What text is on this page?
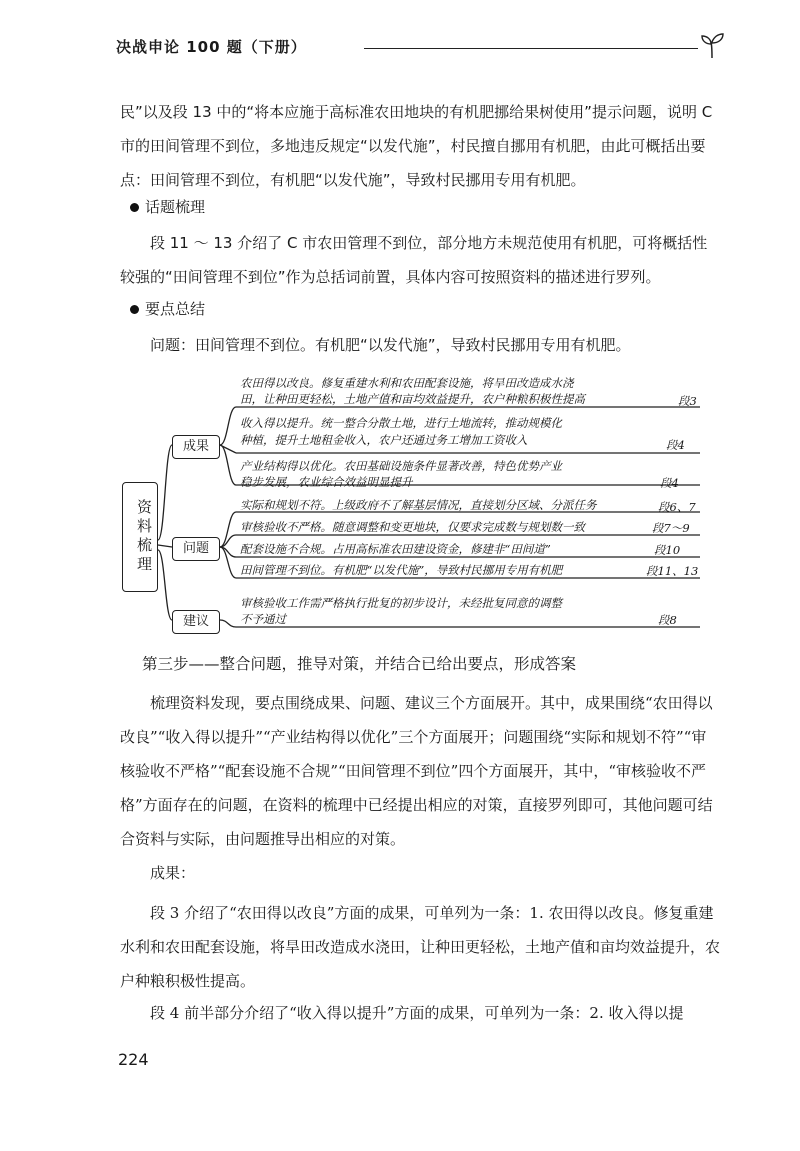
决战申论 100 题（下册）

民”以及段 13 中的“将本应施于高标准农田地块的有机肥挪给果树使用”提示问题，说明 C 市的田间管理不到位，多地违反规定“以发代施”，村民擅自挪用有机肥，由此可概括出要点：田间管理不到位，有机肥“以发代施”，导致村民挪用专用有机肥。

话题梳理

段 11 ～ 13 介绍了 C 市农田管理不到位，部分地方未规范使用有机肥，可将概括性较强的“田间管理不到位”作为总括词前置，具体内容可按照资料的描述进行罗列。

要点总结

问题：田间管理不到位。有机肥“以发代施”，导致村民挪用专用有机肥。

资料梳理
成果
问题
建议
农田得以改良。修复重建水利和农田配套设施，将旱田改造成水浇
田，让种田更轻松，土地产值和亩均效益提升，农户种粮积极性提高	段3
收入得以提升。统一整合分散土地，进行土地流转，推动规模化
种植，提升土地租金收入，农户还通过务工增加工资收入	段4
产业结构得以优化。农田基础设施条件显著改善，特色优势产业
稳步发展，农业综合效益明显提升	段4
实际和规划不符。上级政府不了解基层情况，直接划分区域、分派任务	段6、7
审核验收不严格。随意调整和变更地块，仅要求完成数与规划数一致	段7～9
配套设施不合规。占用高标准农田建设资金，修建非“田间道”	段10
田间管理不到位。有机肥“以发代施”，导致村民挪用专用有机肥	段11、13
审核验收工作需严格执行批复的初步设计，未经批复同意的调整
不予通过	段8
第三步——整合问题，推导对策，并结合已给出要点，形成答案

梳理资料发现，要点围绕成果、问题、建议三个方面展开。其中，成果围绕“农田得以改良”“收入得以提升”“产业结构得以优化”三个方面展开；问题围绕“实际和规划不符”“审核验收不严格”“配套设施不合规”“田间管理不到位”四个方面展开，其中，“审核验收不严格”方面存在的问题，在资料的梳理中已经提出相应的对策，直接罗列即可，其他问题可结合资料与实际，由问题推导出相应的对策。

成果：

段 3 介绍了“农田得以改良”方面的成果，可单列为一条：1. 农田得以改良。修复重建水利和农田配套设施，将旱田改造成水浇田，让种田更轻松，土地产值和亩均效益提升，农户种粮积极性提高。

段 4 前半部分介绍了“收入得以提升”方面的成果，可单列为一条：2. 收入得以提

224
